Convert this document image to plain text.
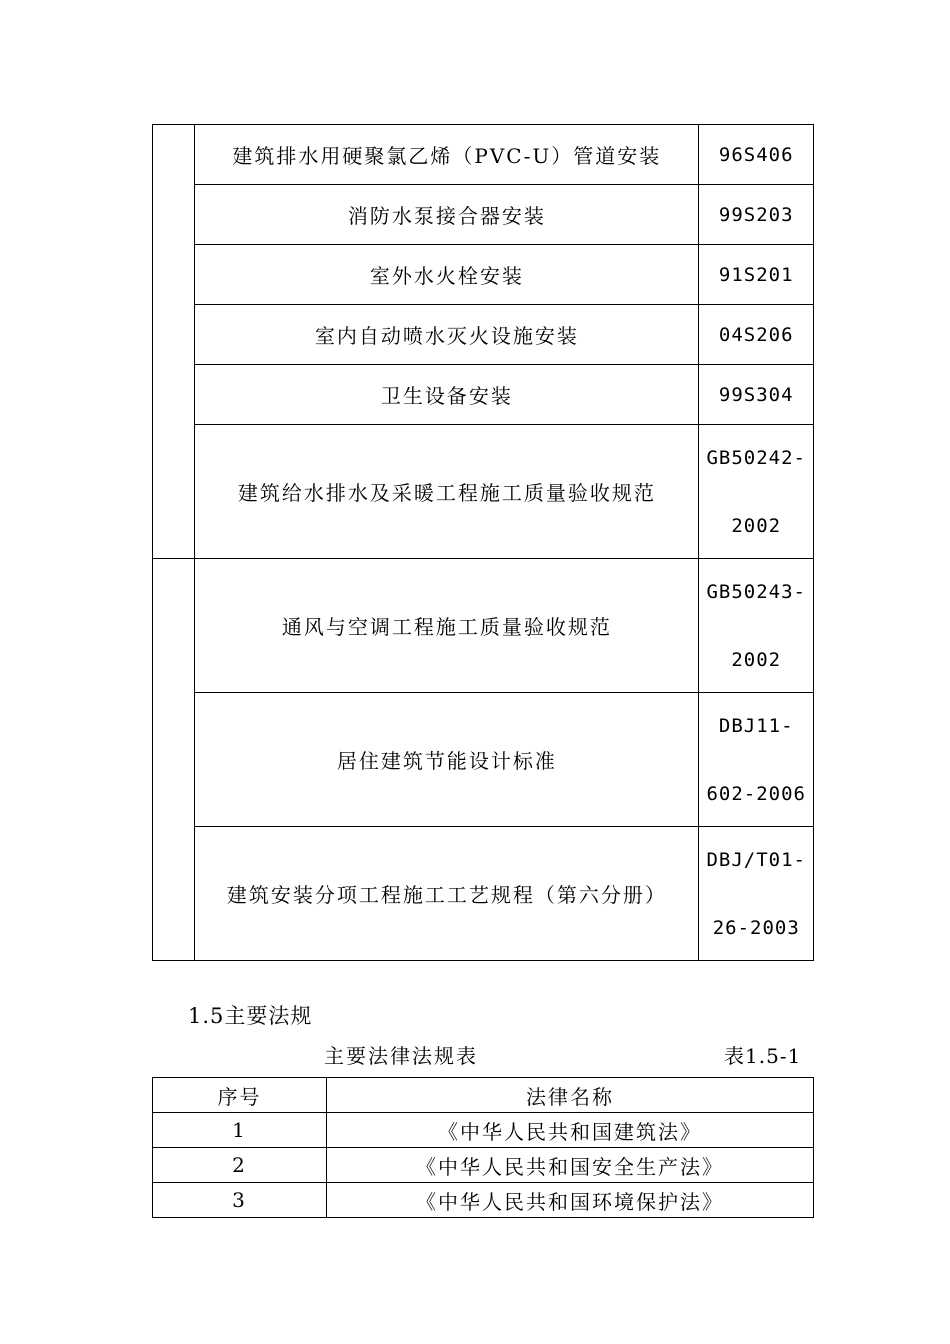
	建筑排水用硬聚氯乙烯（PVC-U）管道安装	96S406
	消防水泵接合器安装	99S203
	室外水火栓安装	91S201
	室内自动喷水灭火设施安装	04S206
	卫生设备安装	99S304
	建筑给水排水及采暖工程施工质量验收规范	GB50242-
2002

	通风与空调工程施工质量验收规范	GB50243-
2002

	居住建筑节能设计标准	DBJ11-
602-2006

	建筑安装分项工程施工工艺规程（第六分册）	DBJ/T01-
26-2003
1.5主要法规
主要法律法规表	表1.5-1
序号	法律名称
1	《中华人民共和国建筑法》
2	《中华人民共和国安全生产法》
3	《中华人民共和国环境保护法》
